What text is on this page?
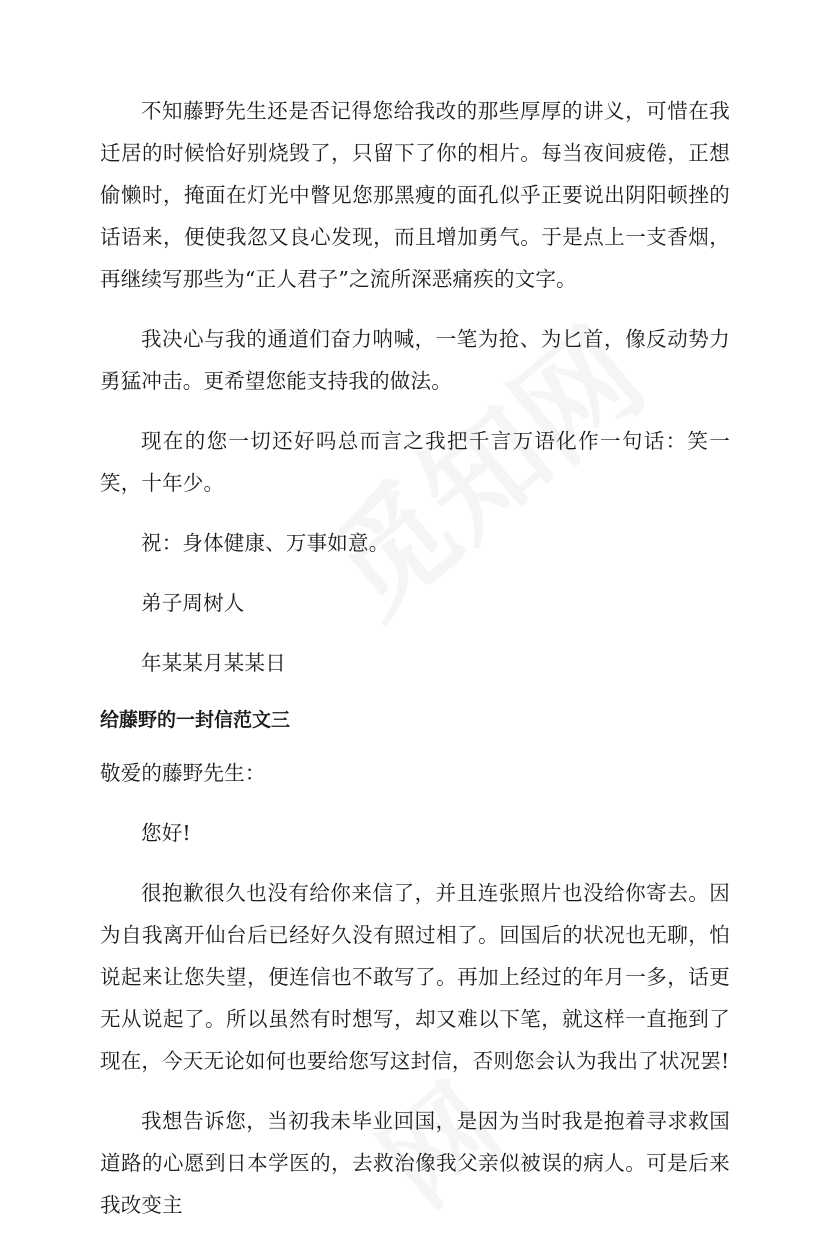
不知藤野先生还是否记得您给我改的那些厚厚的讲义，可惜在我迁居的时候恰好别烧毁了，只留下了你的相片。每当夜间疲倦，正想偷懒时，掩面在灯光中瞥见您那黑瘦的面孔似乎正要说出阴阳顿挫的话语来，便使我忽又良心发现，而且增加勇气。于是点上一支香烟，再继续写那些为“正人君子”之流所深恶痛疾的文字。

我决心与我的通道们奋力呐喊，一笔为抢、为匕首，像反动势力勇猛冲击。更希望您能支持我的做法。

现在的您一切还好吗总而言之我把千言万语化作一句话：笑一笑，十年少。

祝：身体健康、万事如意。

弟子周树人

年某某月某某日

给藤野的一封信范文三

敬爱的藤野先生：

您好!

很抱歉很久也没有给你来信了，并且连张照片也没给你寄去。因为自我离开仙台后已经好久没有照过相了。回国后的状况也无聊，怕说起来让您失望，便连信也不敢写了。再加上经过的年月一多，话更无从说起了。所以虽然有时想写，却又难以下笔，就这样一直拖到了现在，今天无论如何也要给您写这封信，否则您会认为我出了状况罢!

我想告诉您，当初我未毕业回国，是因为当时我是抱着寻求救国道路的心愿到日本学医的，去救治像我父亲似被误的病人。可是后来我改变主
